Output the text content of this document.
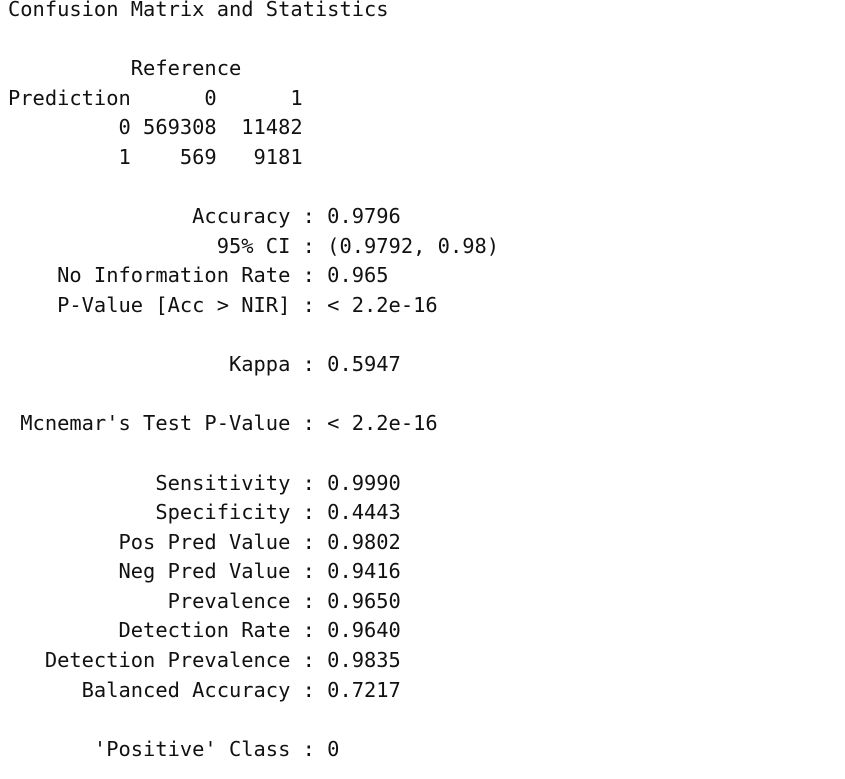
Confusion Matrix and Statistics
Reference
Prediction      0      1
0 569308  11482
1    569   9181
Accuracy : 0.9796
95% CI : (0.9792, 0.98)
No Information Rate : 0.965
P-Value [Acc > NIR] : < 2.2e-16
Kappa : 0.5947
Mcnemar's Test P-Value : < 2.2e-16
Sensitivity : 0.9990
Specificity : 0.4443
Pos Pred Value : 0.9802
Neg Pred Value : 0.9416
Prevalence : 0.9650
Detection Rate : 0.9640
Detection Prevalence : 0.9835
Balanced Accuracy : 0.7217
'Positive' Class : 0
